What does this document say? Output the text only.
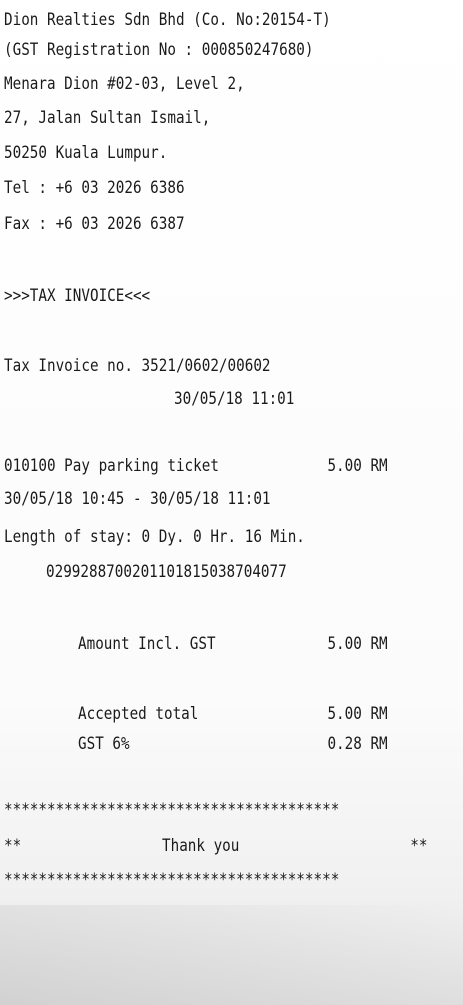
Dion Realties Sdn Bhd (Co. No:20154-T)
(GST Registration No : 000850247680)
Menara Dion #02-03, Level 2,
27, Jalan Sultan Ismail,
50250 Kuala Lumpur.
Tel : +6 03 2026 6386
Fax : +6 03 2026 6387
>>>TAX INVOICE<<<
Tax Invoice no. 3521/0602/00602
30/05/18 11:01
010100 Pay parking ticket	5.00 RM
30/05/18 10:45 - 30/05/18 11:01
Length of stay: 0 Dy. 0 Hr. 16 Min.
0299288700201101815038704077
Amount Incl. GST	5.00 RM
Accepted total	5.00 RM
GST 6%	0.28 RM
***************************************
**	Thank you	**
***************************************
